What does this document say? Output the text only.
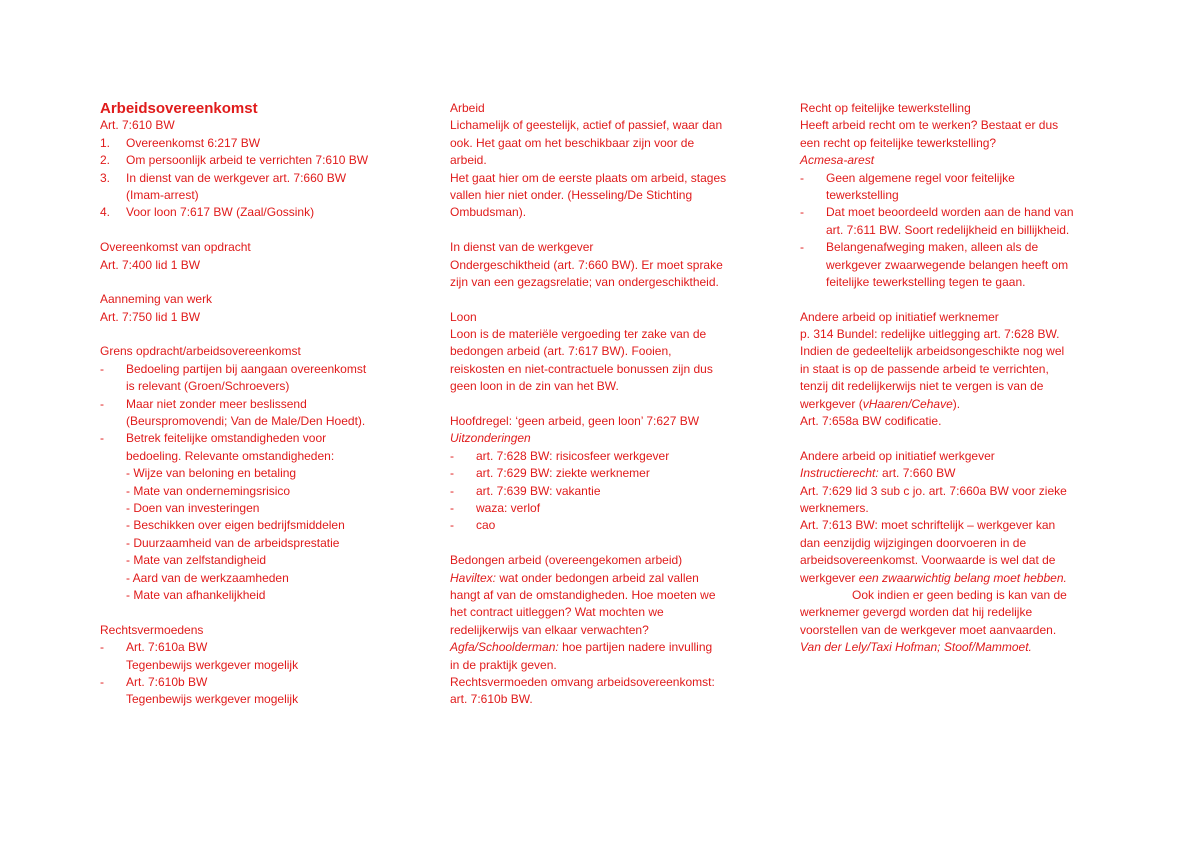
Arbeidsovereenkomst
Art. 7:610 BW
1. Overeenkomst 6:217 BW
2. Om persoonlijk arbeid te verrichten 7:610 BW
3. In dienst van de werkgever art. 7:660 BW
(Imam-arrest)
4. Voor loon 7:617 BW (Zaal/Gossink)
Overeenkomst van opdracht
Art. 7:400 lid 1 BW
Aanneming van werk
Art. 7:750 lid 1 BW
Grens opdracht/arbeidsovereenkomst
- Bedoeling partijen bij aangaan overeenkomst
is relevant (Groen/Schroevers)
- Maar niet zonder meer beslissend
(Beurspromovendi; Van de Male/Den Hoedt).
- Betrek feitelijke omstandigheden voor
bedoeling. Relevante omstandigheden:
- Wijze van beloning en betaling
- Mate van ondernemingsrisico
- Doen van investeringen
- Beschikken over eigen bedrijfsmiddelen
- Duurzaamheid van de arbeidsprestatie
- Mate van zelfstandigheid
- Aard van de werkzaamheden
- Mate van afhankelijkheid
Rechtsvermoedens
- Art. 7:610a BW
Tegenbewijs werkgever mogelijk
- Art. 7:610b BW
Tegenbewijs werkgever mogelijk
Arbeid
Lichamelijk of geestelijk, actief of passief, waar dan
ook. Het gaat om het beschikbaar zijn voor de
arbeid.
Het gaat hier om de eerste plaats om arbeid, stages
vallen hier niet onder. (Hesseling/De Stichting
Ombudsman).
In dienst van de werkgever
Ondergeschiktheid (art. 7:660 BW). Er moet sprake
zijn van een gezagsrelatie; van ondergeschiktheid.
Loon
Loon is de materiële vergoeding ter zake van de
bedongen arbeid (art. 7:617 BW). Fooien,
reiskosten en niet-contractuele bonussen zijn dus
geen loon in de zin van het BW.
Hoofdregel: ‘geen arbeid, geen loon’ 7:627 BW
Uitzonderingen
- art. 7:628 BW: risicosfeer werkgever
- art. 7:629 BW: ziekte werknemer
- art. 7:639 BW: vakantie
- waza: verlof
- cao
Bedongen arbeid (overeengekomen arbeid)
Haviltex: wat onder bedongen arbeid zal vallen
hangt af van de omstandigheden. Hoe moeten we
het contract uitleggen? Wat mochten we
redelijkerwijs van elkaar verwachten?
Agfa/Schoolderman: hoe partijen nadere invulling
in de praktijk geven.
Rechtsvermoeden omvang arbeidsovereenkomst:
art. 7:610b BW.
Recht op feitelijke tewerkstelling
Heeft arbeid recht om te werken? Bestaat er dus
een recht op feitelijke tewerkstelling?
Acmesa-arest
- Geen algemene regel voor feitelijke
tewerkstelling
- Dat moet beoordeeld worden aan de hand van
art. 7:611 BW. Soort redelijkheid en billijkheid.
- Belangenafweging maken, alleen als de
werkgever zwaarwegende belangen heeft om
feitelijke tewerkstelling tegen te gaan.
Andere arbeid op initiatief werknemer
p. 314 Bundel: redelijke uitlegging art. 7:628 BW.
Indien de gedeeltelijk arbeidsongeschikte nog wel
in staat is op de passende arbeid te verrichten,
tenzij dit redelijkerwijs niet te vergen is van de
werkgever (vHaaren/Cehave).
Art. 7:658a BW codificatie.
Andere arbeid op initiatief werkgever
Instructierecht: art. 7:660 BW
Art. 7:629 lid 3 sub c jo. art. 7:660a BW voor zieke
werknemers.
Art. 7:613 BW: moet schriftelijk – werkgever kan
dan eenzijdig wijzigingen doorvoeren in de
arbeidsovereenkomst. Voorwaarde is wel dat de
werkgever een zwaarwichtig belang moet hebben.
Ook indien er geen beding is kan van de
werknemer gevergd worden dat hij redelijke
voorstellen van de werkgever moet aanvaarden.
Van der Lely/Taxi Hofman; Stoof/Mammoet.
